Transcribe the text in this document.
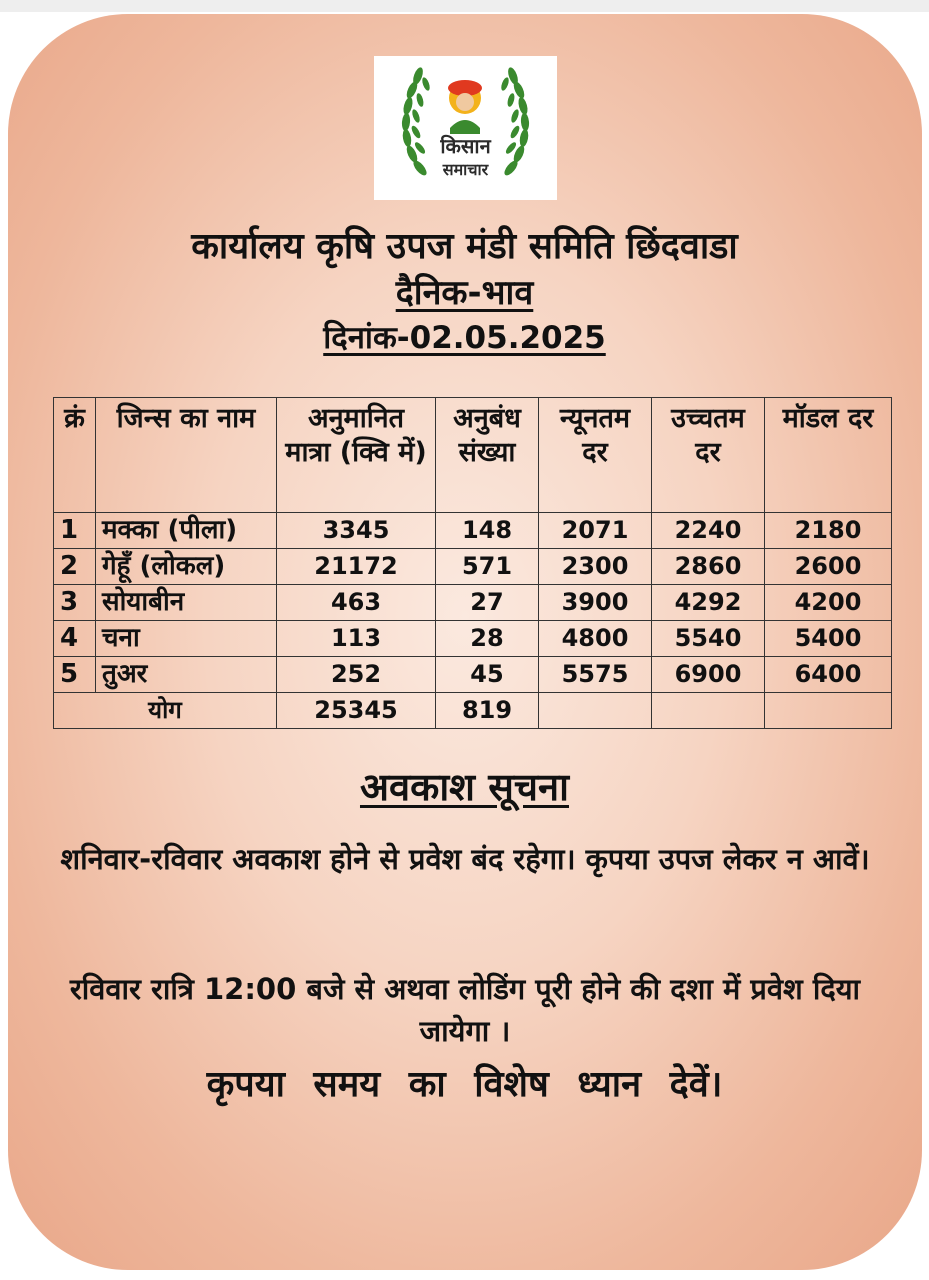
किसान
समाचार
कार्यालय कृषि उपज मंडी समिति छिंदवाडा
दैनिक-भाव
दिनांक-02.05.2025
क्रं	जिन्स का नाम	अनुमानित मात्रा (क्वि में)	अनुबंध संख्या	न्यूनतम दर	उच्चतम दर	मॉडल दर
1	मक्का (पीला)	3345	148	2071	2240	2180
2	गेहूँ (लोकल)	21172	571	2300	2860	2600
3	सोयाबीन	463	27	3900	4292	4200
4	चना	113	28	4800	5540	5400
5	तुअर	252	45	5575	6900	6400
योग		25345	819			
अवकाश सूचना
शनिवार-रविवार अवकाश होने से प्रवेश बंद रहेगा। कृपया उपज लेकर न आवें।
रविवार रात्रि 12:00 बजे से अथवा लोडिंग पूरी होने की दशा में प्रवेश दिया जायेगा ।
कृपया समय का विशेष ध्यान देवें।
